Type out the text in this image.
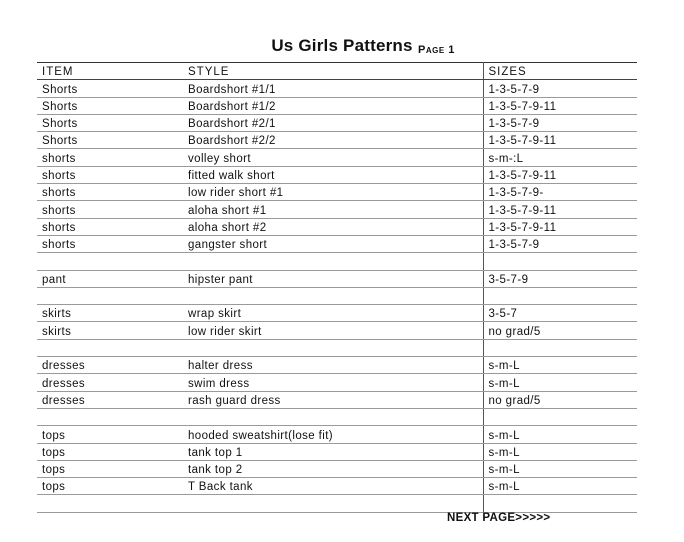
Us Girls Patterns Page 1
ITEM	STYLE	SIZES
Shorts	Boardshort #1/1	1-3-5-7-9
Shorts	Boardshort #1/2	1-3-5-7-9-11
Shorts	Boardshort #2/1	1-3-5-7-9
Shorts	Boardshort #2/2	1-3-5-7-9-11
shorts	volley short	s-m-:L
shorts	fitted walk short	1-3-5-7-9-11
shorts	low rider short #1	1-3-5-7-9-
shorts	aloha short #1	1-3-5-7-9-11
shorts	aloha short #2	1-3-5-7-9-11
shorts	gangster short	1-3-5-7-9

pant	hipster pant	3-5-7-9

skirts	wrap skirt	3-5-7
skirts	low rider skirt	no grad/5

dresses	halter dress	s-m-L
dresses	swim dress	s-m-L
dresses	rash guard dress	no grad/5

tops	hooded sweatshirt(lose fit)	s-m-L
tops	tank top 1	s-m-L
tops	tank top 2	s-m-L
tops	T Back tank	s-m-L

NEXT PAGE>>>>>
